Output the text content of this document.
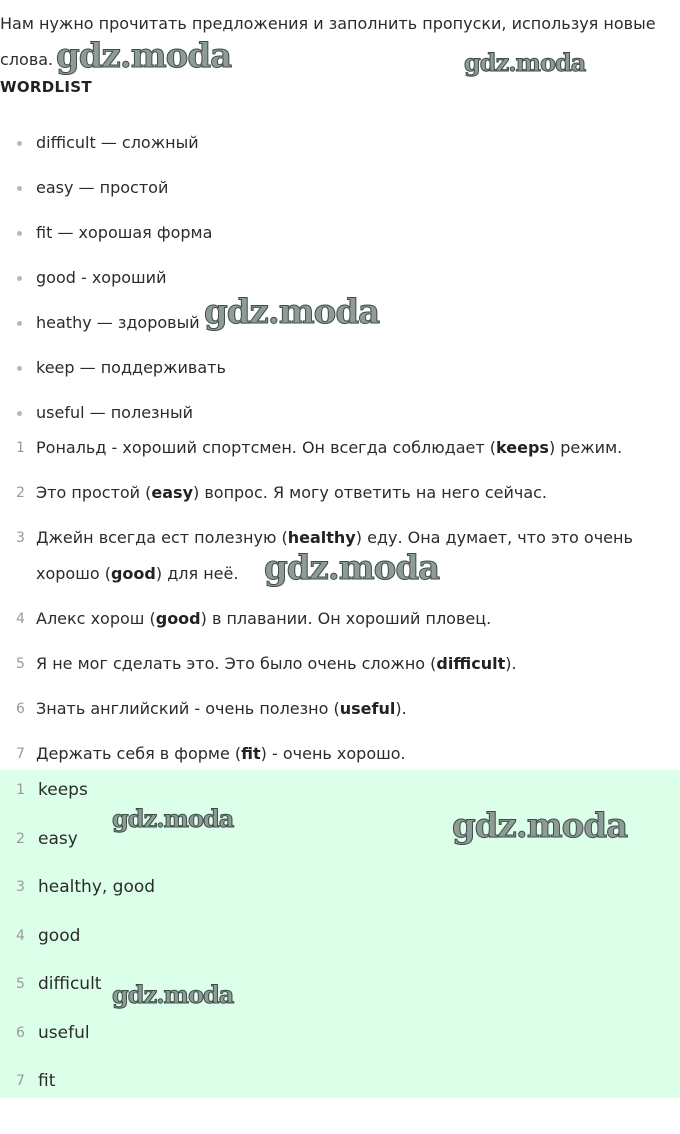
Нам нужно прочитать предложения и заполнить пропуски, используя новые
слова.

WORDLIST
difficult — сложный
easy — простой
fit — хорошая форма
good - хороший
heathy — здоровый
keep — поддерживать
useful — полезный
1 Рональд - хороший спортсмен. Он всегда соблюдает (keeps) режим.
2 Это простой (easy) вопрос. Я могу ответить на него сейчас.
3 Джейн всегда ест полезную (healthy) еду. Она думает, что это очень
хорошо (good) для неё.
4 Алекс хорош (good) в плавании. Он хороший пловец.
5 Я не мог сделать это. Это было очень сложно (difficult).
6 Знать английский - очень полезно (useful).
7 Держать себя в форме (fit) - очень хорошо.
1 keeps
2 easy
3 healthy, good
4 good
5 difficult
6 useful
7 fit
gdz.moda	gdz.moda
gdz.moda
gdz.moda
gdz.moda	gdz.moda
gdz.moda
